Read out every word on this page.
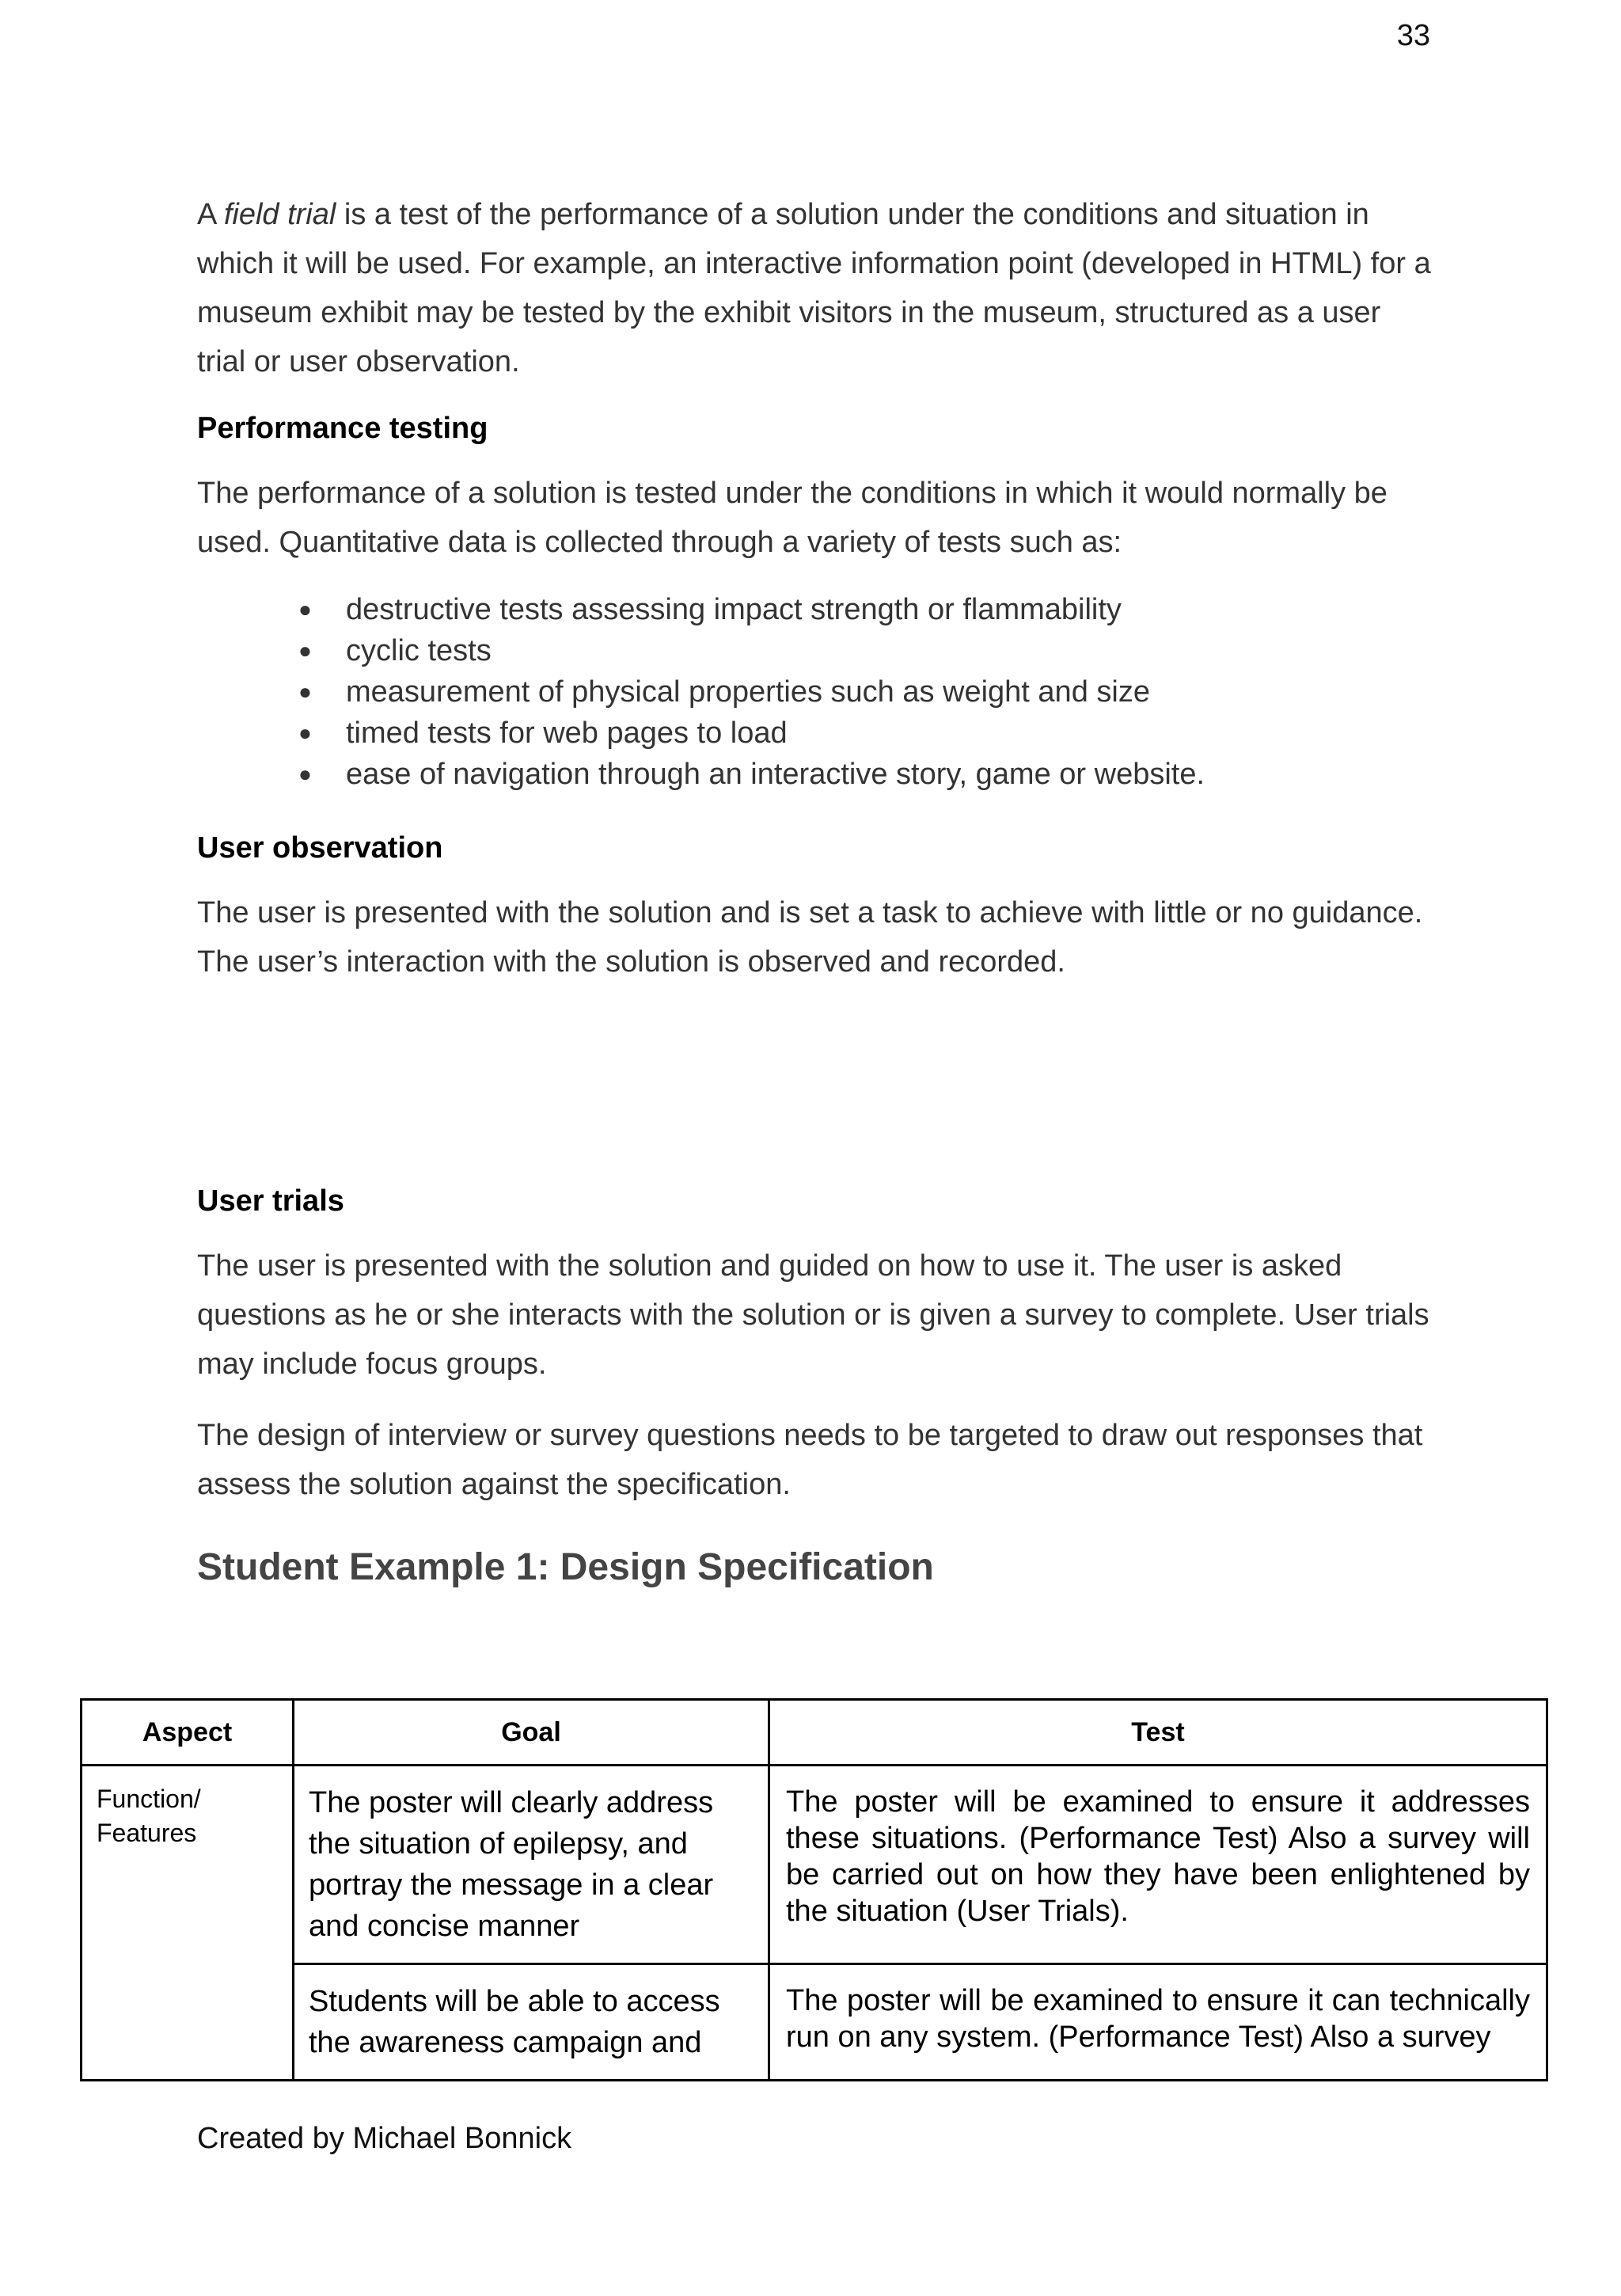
33

A field trial is a test of the performance of a solution under the conditions and situation in which it will be used. For example, an interactive information point (developed in HTML) for a museum exhibit may be tested by the exhibit visitors in the museum, structured as a user trial or user observation.

Performance testing

The performance of a solution is tested under the conditions in which it would normally be used. Quantitative data is collected through a variety of tests such as:

● destructive tests assessing impact strength or flammability
● cyclic tests
● measurement of physical properties such as weight and size
● timed tests for web pages to load
● ease of navigation through an interactive story, game or website.
User observation

The user is presented with the solution and is set a task to achieve with little or no guidance. The user’s interaction with the solution is observed and recorded.

User trials

The user is presented with the solution and guided on how to use it. The user is asked questions as he or she interacts with the solution or is given a survey to complete. User trials may include focus groups.

The design of interview or survey questions needs to be targeted to draw out responses that assess the solution against the specification.

Student Example 1: Design Specification
Aspect	Goal	Test
Function/ Features	The poster will clearly address the situation of epilepsy, and portray the message in a clear and concise manner	The poster will be examined to ensure it addresses these situations. (Performance Test) Also a survey will be carried out on how they have been enlightened by the situation (User Trials).
	Students will be able to access the awareness campaign and	The poster will be examined to ensure it can technically run on any system. (Performance Test) Also a survey
Created by Michael Bonnick
